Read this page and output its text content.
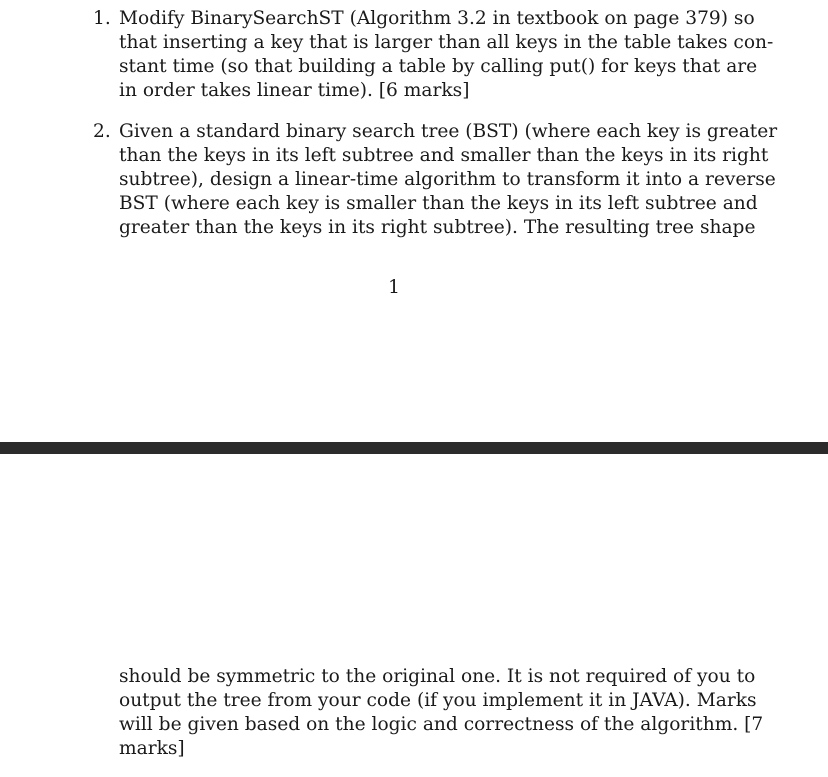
1. Modify BinarySearchST (Algorithm 3.2 in textbook on page 379) so
that inserting a key that is larger than all keys in the table takes con-
stant time (so that building a table by calling put() for keys that are
in order takes linear time). [6 marks]
2. Given a standard binary search tree (BST) (where each key is greater
than the keys in its left subtree and smaller than the keys in its right
subtree), design a linear-time algorithm to transform it into a reverse
BST (where each key is smaller than the keys in its left subtree and
greater than the keys in its right subtree). The resulting tree shape
1
should be symmetric to the original one. It is not required of you to
output the tree from your code (if you implement it in JAVA). Marks
will be given based on the logic and correctness of the algorithm. [7
marks]
